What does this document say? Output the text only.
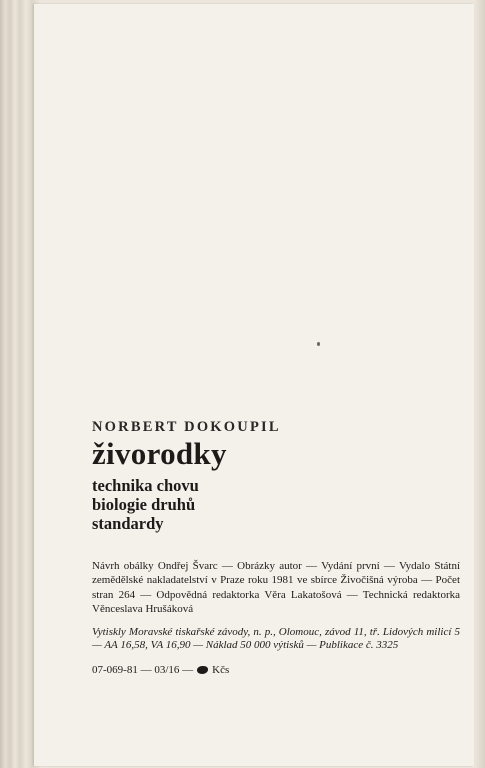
NORBERT DOKOUPIL

živorodky
technika chovu
biologie druhů
standardy
Návrh obálky Ondřej Švarc — Obrázky autor — Vydání první — Vydalo Státní zemědělské nakladatelství v Praze roku 1981 ve sbírce Živočišná výroba — Počet stran 264 — Odpovědná redaktorka Věra Lakatošová — Technická redaktorka Věnceslava Hrušáková
Vytiskly Moravské tiskařské závody, n. p., Olomouc, závod 11, tř. Lidových milicí 5 — AA 16,58, VA 16,90 — Náklad 50 000 výtisků — Publikace č. 3325
07-069-81 — 03/16 — Kčs
